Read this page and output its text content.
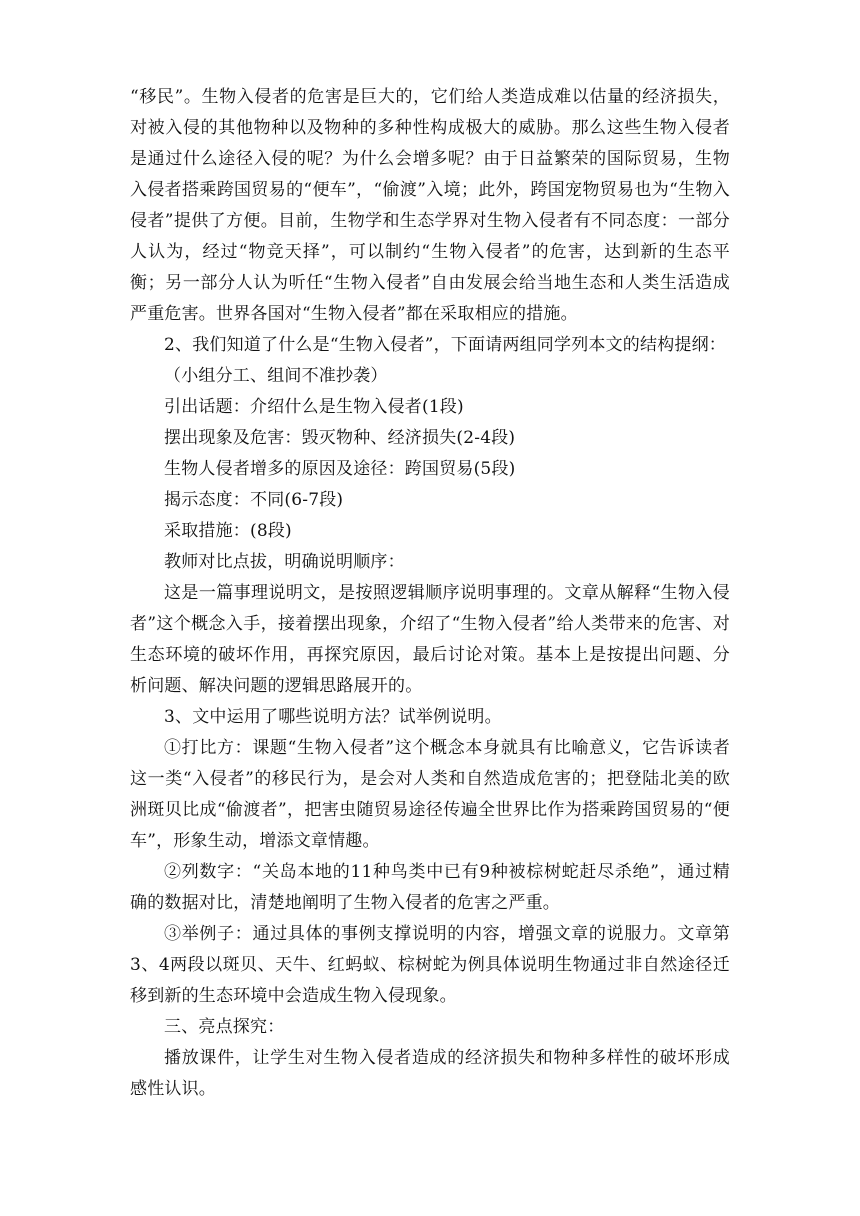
“移民”。生物入侵者的危害是巨大的，它们给人类造成难以估量的经济损失，对被入侵的其他物种以及物种的多种性构成极大的威胁。那么这些生物入侵者是通过什么途径入侵的呢？为什么会增多呢？由于日益繁荣的国际贸易，生物入侵者搭乘跨国贸易的“便车”，“偷渡”入境；此外，跨国宠物贸易也为“生物入侵者”提供了方便。目前，生物学和生态学界对生物入侵者有不同态度：一部分人认为，经过“物竞天择”，可以制约“生物入侵者”的危害，达到新的生态平衡；另一部分人认为听任“生物入侵者”自由发展会给当地生态和人类生活造成严重危害。世界各国对“生物入侵者”都在采取相应的措施。

2、我们知道了什么是“生物入侵者”，下面请两组同学列本文的结构提纲：

（小组分工、组间不准抄袭）

引出话题：介绍什么是生物入侵者(1段)

摆出现象及危害：毁灭物种、经济损失(2-4段)

生物人侵者增多的原因及途径：跨国贸易(5段)

揭示态度：不同(6-7段)

采取措施：(8段)

教师对比点拔，明确说明顺序：

这是一篇事理说明文，是按照逻辑顺序说明事理的。文章从解释“生物入侵者”这个概念入手，接着摆出现象，介绍了“生物入侵者”给人类带来的危害、对生态环境的破坏作用，再探究原因，最后讨论对策。基本上是按提出问题、分析问题、解决问题的逻辑思路展开的。

3、文中运用了哪些说明方法？试举例说明。

①打比方：课题“生物入侵者”这个概念本身就具有比喻意义，它告诉读者这一类“入侵者”的移民行为，是会对人类和自然造成危害的；把登陆北美的欧洲斑贝比成“偷渡者”，把害虫随贸易途径传遍全世界比作为搭乘跨国贸易的“便车”，形象生动，增添文章情趣。

②列数字：“关岛本地的11种鸟类中已有9种被棕树蛇赶尽杀绝”，通过精确的数据对比，清楚地阐明了生物入侵者的危害之严重。

③举例子：通过具体的事例支撑说明的内容，增强文章的说服力。文章第3、4两段以斑贝、天牛、红蚂蚁、棕树蛇为例具体说明生物通过非自然途径迁移到新的生态环境中会造成生物入侵现象。

三、亮点探究：

播放课件，让学生对生物入侵者造成的经济损失和物种多样性的破坏形成感性认识。
